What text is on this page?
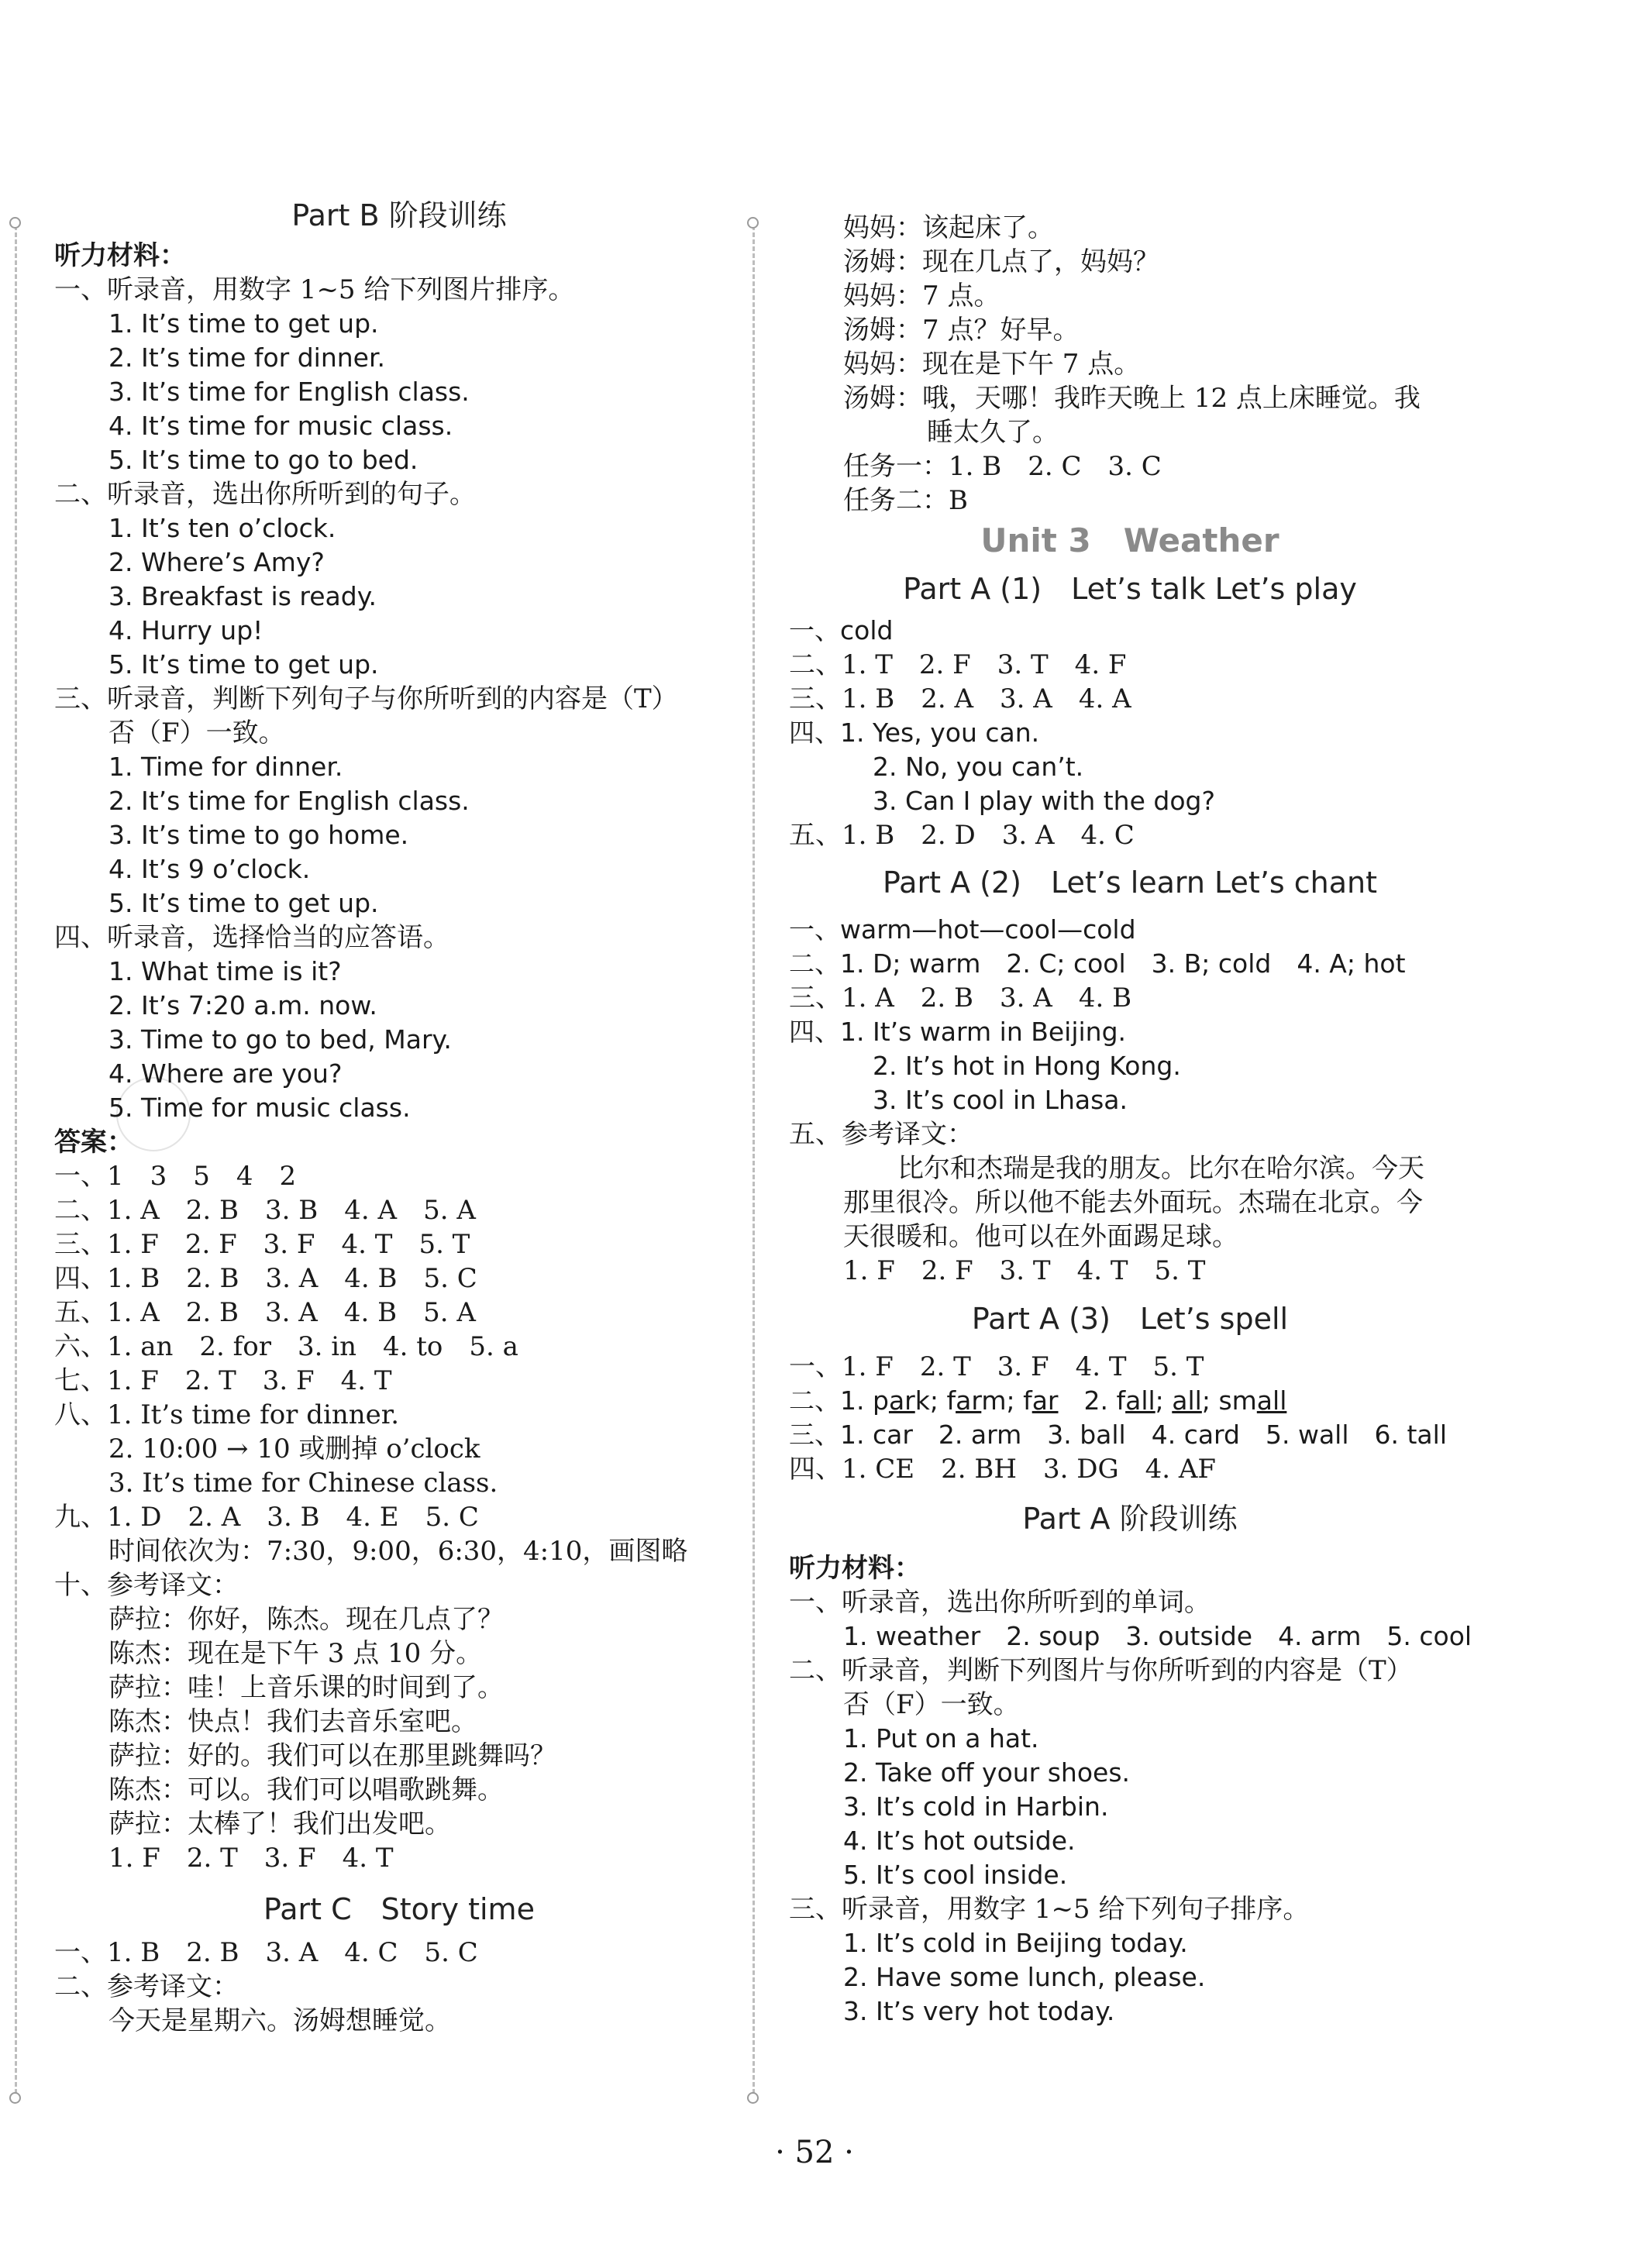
Part B 阶段训练
听力材料：
一、听录音，用数字 1~5 给下列图片排序。
1. It’s time to get up.
2. It’s time for dinner.
3. It’s time for English class.
4. It’s time for music class.
5. It’s time to go to bed.
二、听录音，选出你所听到的句子。
1. It’s ten o’clock.
2. Where’s Amy?
3. Breakfast is ready.
4. Hurry up!
5. It’s time to get up.
三、听录音，判断下列句子与你所听到的内容是（T）
否（F）一致。
1. Time for dinner.
2. It’s time for English class.
3. It’s time to go home.
4. It’s 9 o’clock.
5. It’s time to get up.
四、听录音，选择恰当的应答语。
1. What time is it?
2. It’s 7:20 a.m. now.
3. Time to go to bed, Mary.
4. Where are you?
5. Time for music class.
答案：
一、1　3　5　4　2
二、1. A　2. B　3. B　4. A　5. A
三、1. F　2. F　3. F　4. T　5. T
四、1. B　2. B　3. A　4. B　5. C
五、1. A　2. B　3. A　4. B　5. A
六、1. an　2. for　3. in　4. to　5. a
七、1. F　2. T　3. F　4. T
八、1. It’s time for dinner.
2. 10:00 → 10 或删掉 o’clock
3. It’s time for Chinese class.
九、1. D　2. A　3. B　4. E　5. C
时间依次为：7:30，9:00，6:30，4:10，画图略
十、参考译文：
萨拉：你好，陈杰。现在几点了？
陈杰：现在是下午 3 点 10 分。
萨拉：哇！上音乐课的时间到了。
陈杰：快点！我们去音乐室吧。
萨拉：好的。我们可以在那里跳舞吗？
陈杰：可以。我们可以唱歌跳舞。
萨拉：太棒了！我们出发吧。
1. F　2. T　3. F　4. T
Part C　Story time
一、1. B　2. B　3. A　4. C　5. C
二、参考译文：
今天是星期六。汤姆想睡觉。
妈妈：该起床了。
汤姆：现在几点了，妈妈？
妈妈：7 点。
汤姆：7 点？好早。
妈妈：现在是下午 7 点。
汤姆：哦，天哪！我昨天晚上 12 点上床睡觉。我
睡太久了。
任务一：1. B　2. C　3. C
任务二：B
Unit 3　Weather
Part A (1)　Let’s talk Let’s play
一、cold
二、1. T　2. F　3. T　4. F
三、1. B　2. A　3. A　4. A
四、1. Yes, you can.
2. No, you can’t.
3. Can I play with the dog?
五、1. B　2. D　3. A　4. C
Part A (2)　Let’s learn Let’s chant
一、warm—hot—cool—cold
二、1. D; warm　2. C; cool　3. B; cold　4. A; hot
三、1. A　2. B　3. A　4. B
四、1. It’s warm in Beijing.
2. It’s hot in Hong Kong.
3. It’s cool in Lhasa.
五、参考译文：
比尔和杰瑞是我的朋友。比尔在哈尔滨。今天
那里很冷。所以他不能去外面玩。杰瑞在北京。今
天很暖和。他可以在外面踢足球。
1. F　2. F　3. T　4. T　5. T
Part A (3)　Let’s spell
一、1. F　2. T　3. F　4. T　5. T
二、1. park; farm; far　2. fall; all; small
三、1. car　2. arm　3. ball　4. card　5. wall　6. tall
四、1. CE　2. BH　3. DG　4. AF
Part A 阶段训练
听力材料：
一、听录音，选出你所听到的单词。
1. weather　2. soup　3. outside　4. arm　5. cool
二、听录音，判断下列图片与你所听到的内容是（T）
否（F）一致。
1. Put on a hat.
2. Take off your shoes.
3. It’s cold in Harbin.
4. It’s hot outside.
5. It’s cool inside.
三、听录音，用数字 1~5 给下列句子排序。
1. It’s cold in Beijing today.
2. Have some lunch, please.
3. It’s very hot today.
· 52 ·
